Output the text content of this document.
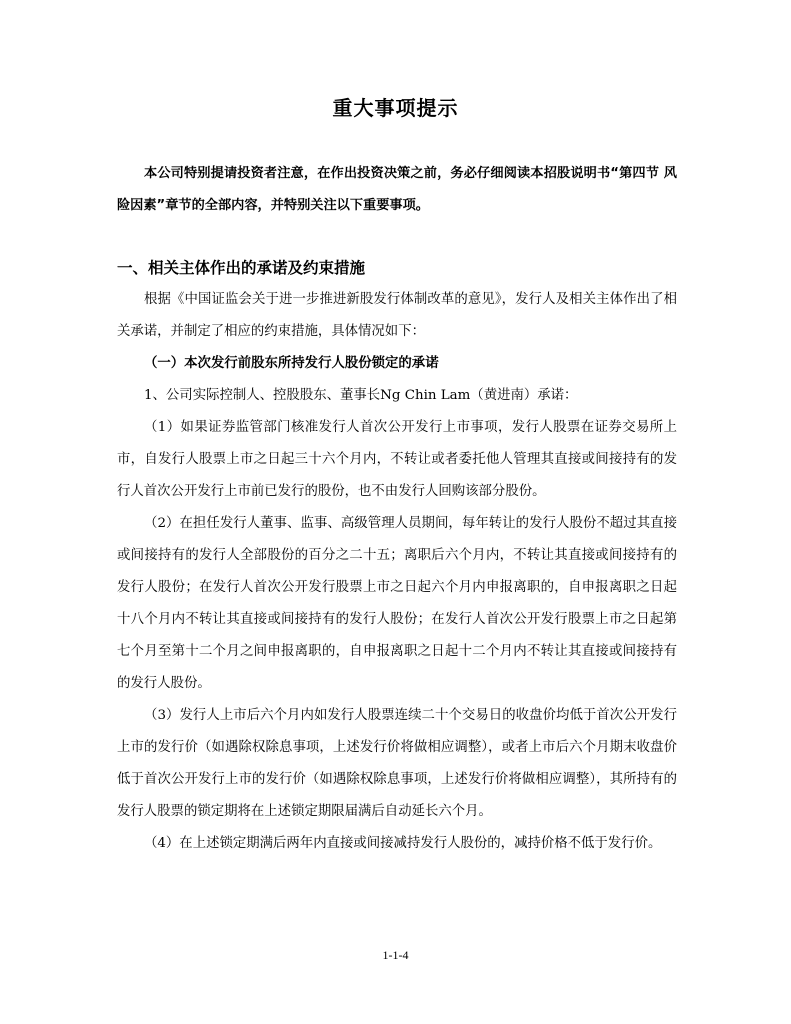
重大事项提示

本公司特别提请投资者注意，在作出投资决策之前，务必仔细阅读本招股说明书“第四节 风险因素”章节的全部内容，并特别关注以下重要事项。

一、相关主体作出的承诺及约束措施

根据《中国证监会关于进一步推进新股发行体制改革的意见》，发行人及相关主体作出了相关承诺，并制定了相应的约束措施，具体情况如下：

（一）本次发行前股东所持发行人股份锁定的承诺

1、公司实际控制人、控股股东、董事长Ng Chin Lam（黄进南）承诺：

（1）如果证券监管部门核准发行人首次公开发行上市事项，发行人股票在证券交易所上市，自发行人股票上市之日起三十六个月内，不转让或者委托他人管理其直接或间接持有的发行人首次公开发行上市前已发行的股份，也不由发行人回购该部分股份。

（2）在担任发行人董事、监事、高级管理人员期间，每年转让的发行人股份不超过其直接或间接持有的发行人全部股份的百分之二十五；离职后六个月内，不转让其直接或间接持有的发行人股份；在发行人首次公开发行股票上市之日起六个月内申报离职的，自申报离职之日起十八个月内不转让其直接或间接持有的发行人股份；在发行人首次公开发行股票上市之日起第七个月至第十二个月之间申报离职的，自申报离职之日起十二个月内不转让其直接或间接持有的发行人股份。

（3）发行人上市后六个月内如发行人股票连续二十个交易日的收盘价均低于首次公开发行上市的发行价（如遇除权除息事项，上述发行价将做相应调整），或者上市后六个月期末收盘价低于首次公开发行上市的发行价（如遇除权除息事项，上述发行价将做相应调整），其所持有的发行人股票的锁定期将在上述锁定期限届满后自动延长六个月。

（4）在上述锁定期满后两年内直接或间接减持发行人股份的，减持价格不低于发行价。

1-1-4
